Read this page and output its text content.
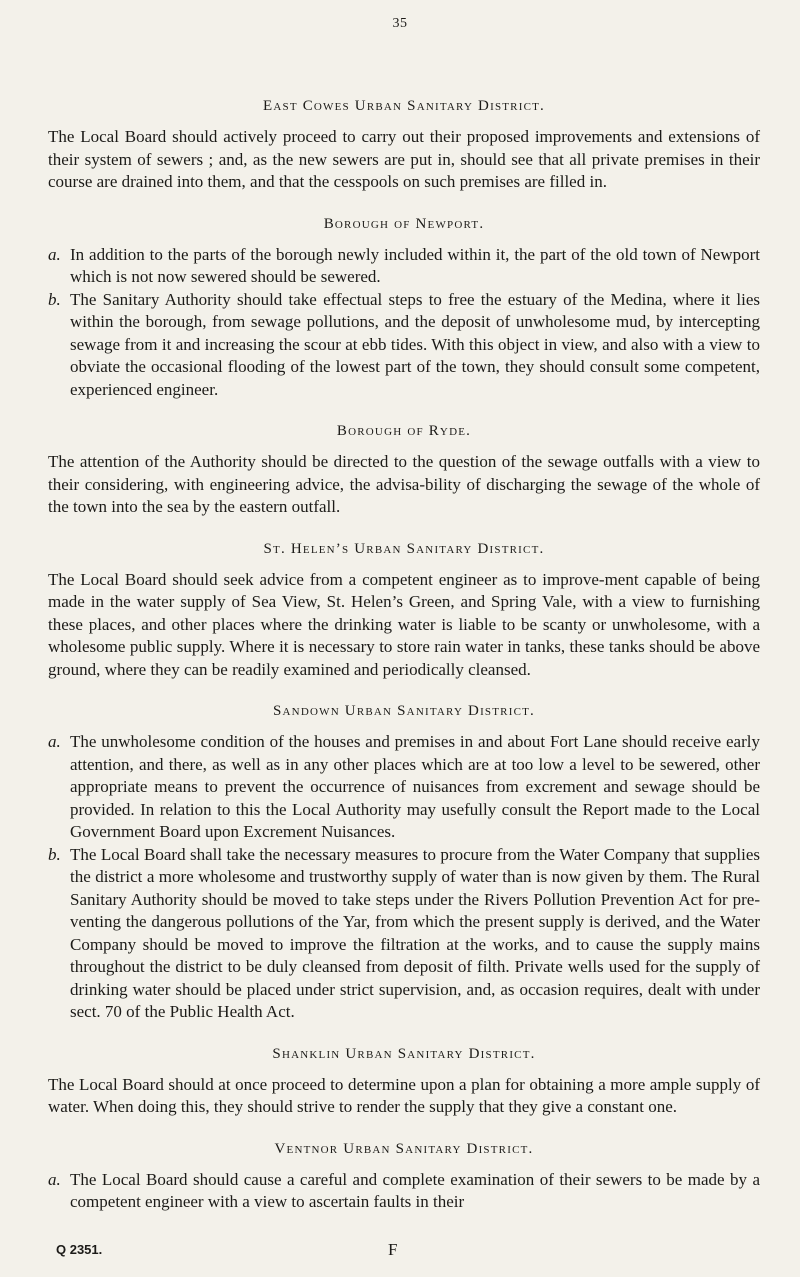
35
East Cowes Urban Sanitary District.

The Local Board should actively proceed to carry out their proposed improvements and extensions of their system of sewers ; and, as the new sewers are put in, should see that all private premises in their course are drained into them, and that the cesspools on such premises are filled in.

Borough of Newport.
a. In addition to the parts of the borough newly included within it, the part of the old town of Newport which is not now sewered should be sewered.
b. The Sanitary Authority should take effectual steps to free the estuary of the Medina, where it lies within the borough, from sewage pollutions, and the deposit of unwholesome mud, by intercepting sewage from it and increasing the scour at ebb tides. With this object in view, and also with a view to obviate the occasional flooding of the lowest part of the town, they should consult some competent, experienced engineer.
Borough of Ryde.

The attention of the Authority should be directed to the question of the sewage outfalls with a view to their considering, with engineering advice, the advisa-bility of discharging the sewage of the whole of the town into the sea by the eastern outfall.

St. Helen’s Urban Sanitary District.

The Local Board should seek advice from a competent engineer as to improve-ment capable of being made in the water supply of Sea View, St. Helen’s Green, and Spring Vale, with a view to furnishing these places, and other places where the drinking water is liable to be scanty or unwholesome, with a wholesome public supply. Where it is necessary to store rain water in tanks, these tanks should be above ground, where they can be readily examined and periodically cleansed.

Sandown Urban Sanitary District.
a. The unwholesome condition of the houses and premises in and about Fort Lane should receive early attention, and there, as well as in any other places which are at too low a level to be sewered, other appropriate means to prevent the occurrence of nuisances from excrement and sewage should be provided. In relation to this the Local Authority may usefully consult the Report made to the Local Government Board upon Excrement Nuisances.
b. The Local Board shall take the necessary measures to procure from the Water Company that supplies the district a more wholesome and trustworthy supply of water than is now given by them. The Rural Sanitary Authority should be moved to take steps under the Rivers Pollution Prevention Act for pre-venting the dangerous pollutions of the Yar, from which the present supply is derived, and the Water Company should be moved to improve the filtration at the works, and to cause the supply mains throughout the district to be duly cleansed from deposit of filth. Private wells used for the supply of drinking water should be placed under strict supervision, and, as occasion requires, dealt with under sect. 70 of the Public Health Act.
Shanklin Urban Sanitary District.

The Local Board should at once proceed to determine upon a plan for obtaining a more ample supply of water. When doing this, they should strive to render the supply that they give a constant one.

Ventnor Urban Sanitary District.
a. The Local Board should cause a careful and complete examination of their sewers to be made by a competent engineer with a view to ascertain faults in their
Q 2351.	F
